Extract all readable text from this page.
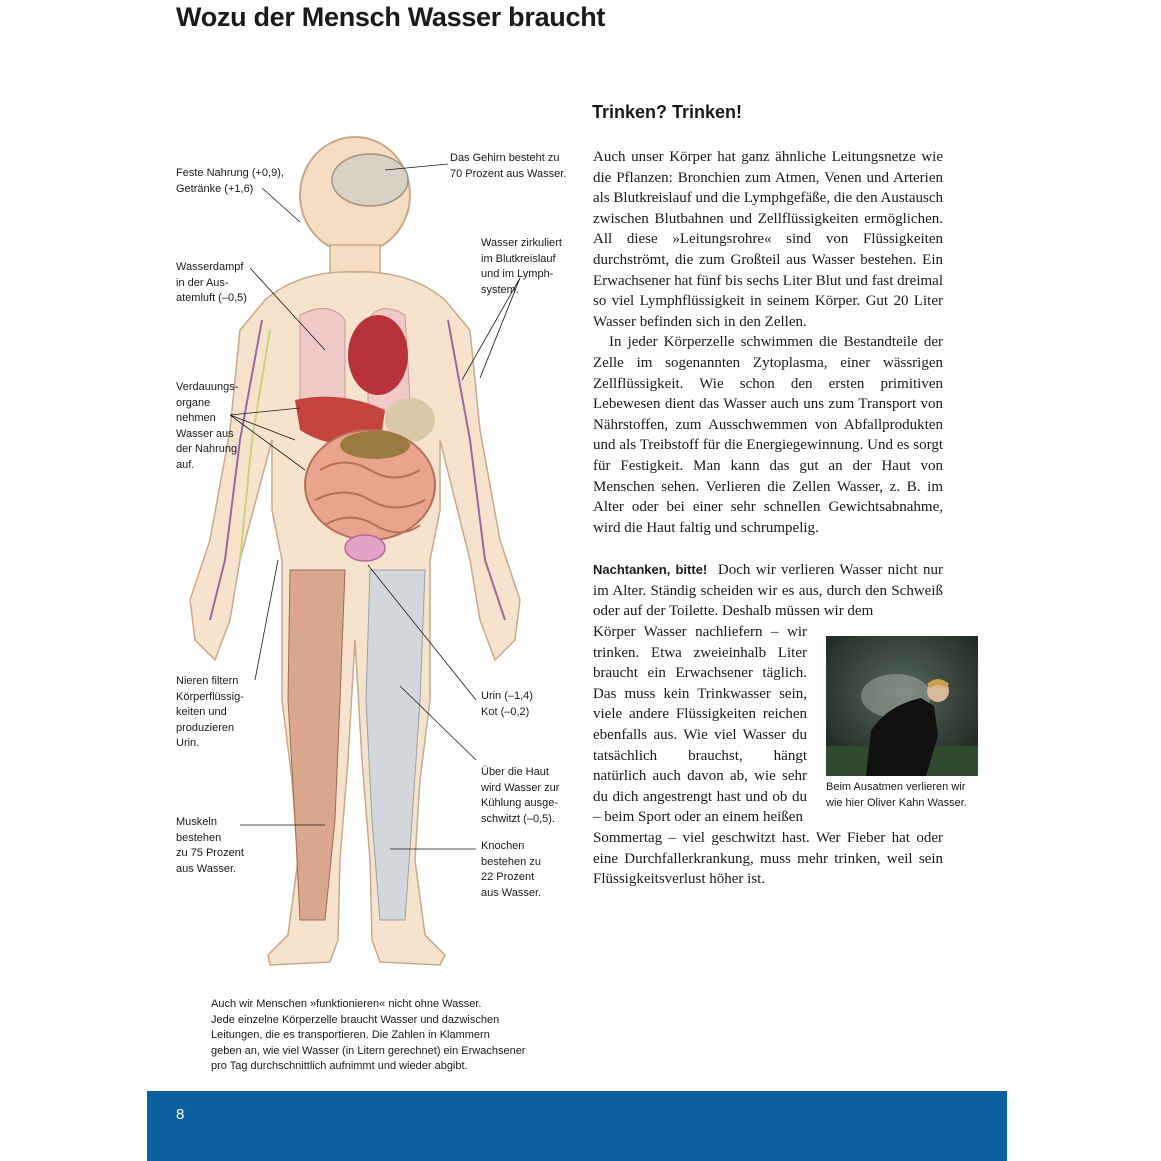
Wozu der Mensch Wasser braucht
Feste Nahrung (+0,9),
Getränke (+1,6)
Das Gehirn besteht zu
70 Prozent aus Wasser.
Wasserdampf
in der Aus-
atemluft (–0,5)
Wasser zirkuliert
im Blutkreislauf
und im Lymph-
system.
Verdauungs-
organe
nehmen
Wasser aus
der Nahrung
auf.
Nieren filtern
Körperflüssig-
keiten und
produzieren
Urin.
Urin (–1,4)
Kot (–0,2)
Über die Haut
wird Wasser zur
Kühlung ausge-
schwitzt (–0,5).
Muskeln
bestehen
zu 75 Prozent
aus Wasser.
Knochen
bestehen zu
22 Prozent
aus Wasser.
Auch wir Menschen »funktionieren« nicht ohne Wasser.
Jede einzelne Körperzelle braucht Wasser und dazwischen
Leitungen, die es transportieren. Die Zahlen in Klammern
geben an, wie viel Wasser (in Litern gerechnet) ein Erwachsener
pro Tag durchschnittlich aufnimmt und wieder abgibt.
Trinken? Trinken!

Auch unser Körper hat ganz ähnliche Leitungsnetze wie die Pflanzen: Bronchien zum Atmen, Venen und Arterien als Blutkreislauf und die Lymphgefäße, die den Austausch zwischen Blutbahnen und Zellflüssigkeiten ermöglichen. All diese »Leitungsrohre« sind von Flüssigkeiten durchströmt, die zum Großteil aus Wasser bestehen. Ein Erwachsener hat fünf bis sechs Liter Blut und fast dreimal so viel Lymphflüssigkeit in seinem Körper. Gut 20 Liter Wasser befinden sich in den Zellen.

In jeder Körperzelle schwimmen die Bestandteile der Zelle im sogenannten Zytoplasma, einer wässrigen Zellflüssigkeit. Wie schon den ersten primitiven Lebewesen dient das Wasser auch uns zum Transport von Nährstoffen, zum Ausschwemmen von Abfallprodukten und als Treibstoff für die Energiegewinnung. Und es sorgt für Festigkeit. Man kann das gut an der Haut von Menschen sehen. Verlieren die Zellen Wasser, z. B. im Alter oder bei einer sehr schnellen Gewichtsabnahme, wird die Haut faltig und schrumpelig.

Nachtanken, bitte! Doch wir verlieren Wasser nicht nur im Alter. Ständig scheiden wir es aus, durch den Schweiß oder auf der Toilette. Deshalb müssen wir dem

Körper Wasser nachliefern – wir trinken. Etwa zweieinhalb Liter braucht ein Erwachsener täglich. Das muss kein Trinkwasser sein, viele andere Flüssigkeiten reichen ebenfalls aus. Wie viel Wasser du tatsächlich brauchst, hängt natürlich auch davon ab, wie sehr du dich angestrengt hast und ob du – beim Sport oder an einem heißen

Sommertag – viel geschwitzt hast. Wer Fieber hat oder eine Durchfallerkrankung, muss mehr trinken, weil sein Flüssigkeitsverlust höher ist.

Beim Ausatmen verlieren wir
wie hier Oliver Kahn Wasser.
8
